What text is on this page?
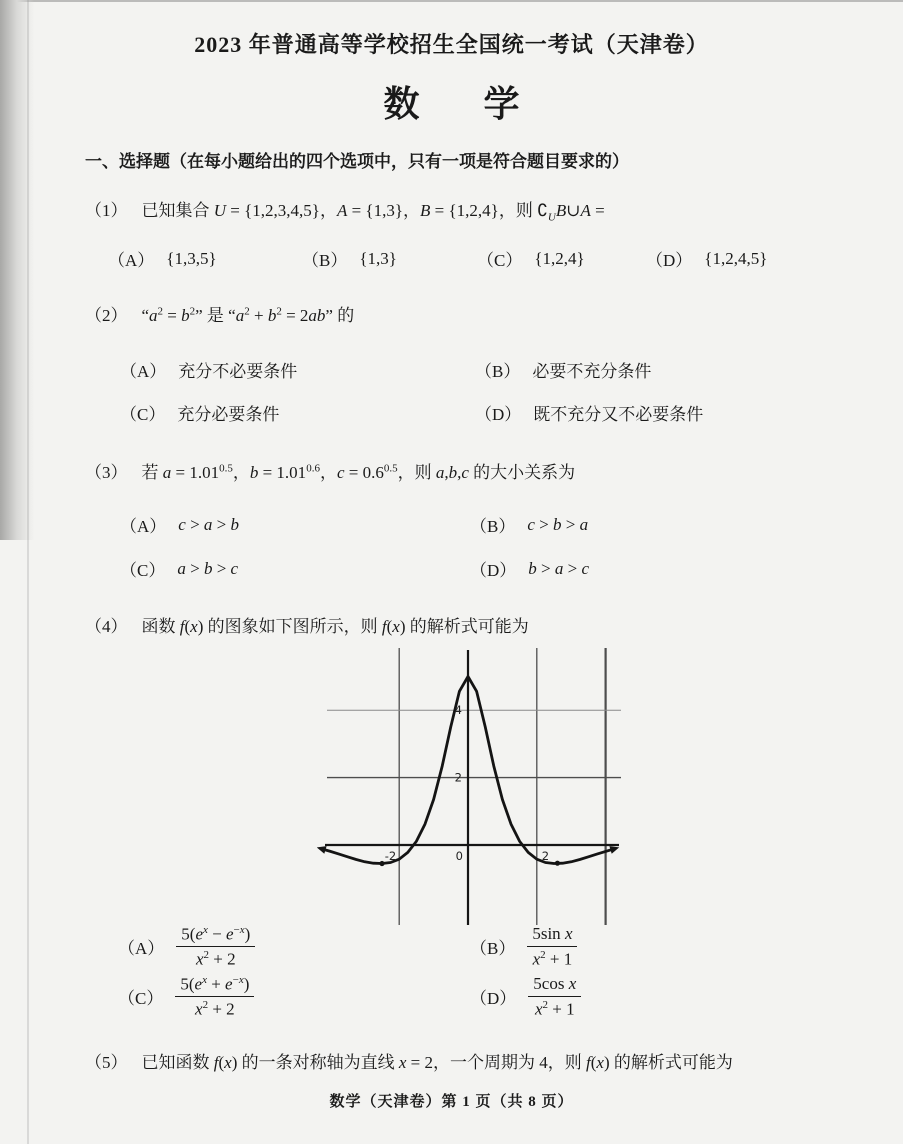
2023 年普通高等学校招生全国统一考试（天津卷）
数　学
一、选择题（在每小题给出的四个选项中，只有一项是符合题目要求的）
（1） 已知集合 U = {1,2,3,4,5}，A = {1,3}，B = {1,2,4}，则 $∁_UB\cup A$ =
（A） {1,3,5}	（B） {1,3}	（C） {1,2,4}	（D） {1,2,4,5}
（2） “$a^2 = b^2$” 是 “$a^2 + b^2 = 2ab$” 的
（A） 充分不必要条件	（B） 必要不充分条件
（C） 充分必要条件	（D） 既不充分又不必要条件
（3） 若 $a = 1.01^{0.5}$，$b = 1.01^{0.6}$，$c = 0.6^{0.5}$，则 a,b,c 的大小关系为
（A） c > a > b	（B） c > b > a
（C） a > b > c	（D） b > a > c
（4） 函数 f(x) 的图象如下图所示，则 f(x) 的解析式可能为
-2	0	2
4
2
$(A) \frac{5(e^x - e^{-x})}{x^2 + 2}$	$(B) \frac{\text{5sin x}}{x^2 + 1}$
$(C) \frac{5(e^x + e^{-x})}{x^2 + 2}$	$(D) \frac{\text{5cos x}}{x^2 + 1}$
（5） 已知函数 f(x) 的一条对称轴为直线 x = 2，一个周期为 4，则 f(x) 的解析式可能为
数学（天津卷）第 1 页（共 8 页）
